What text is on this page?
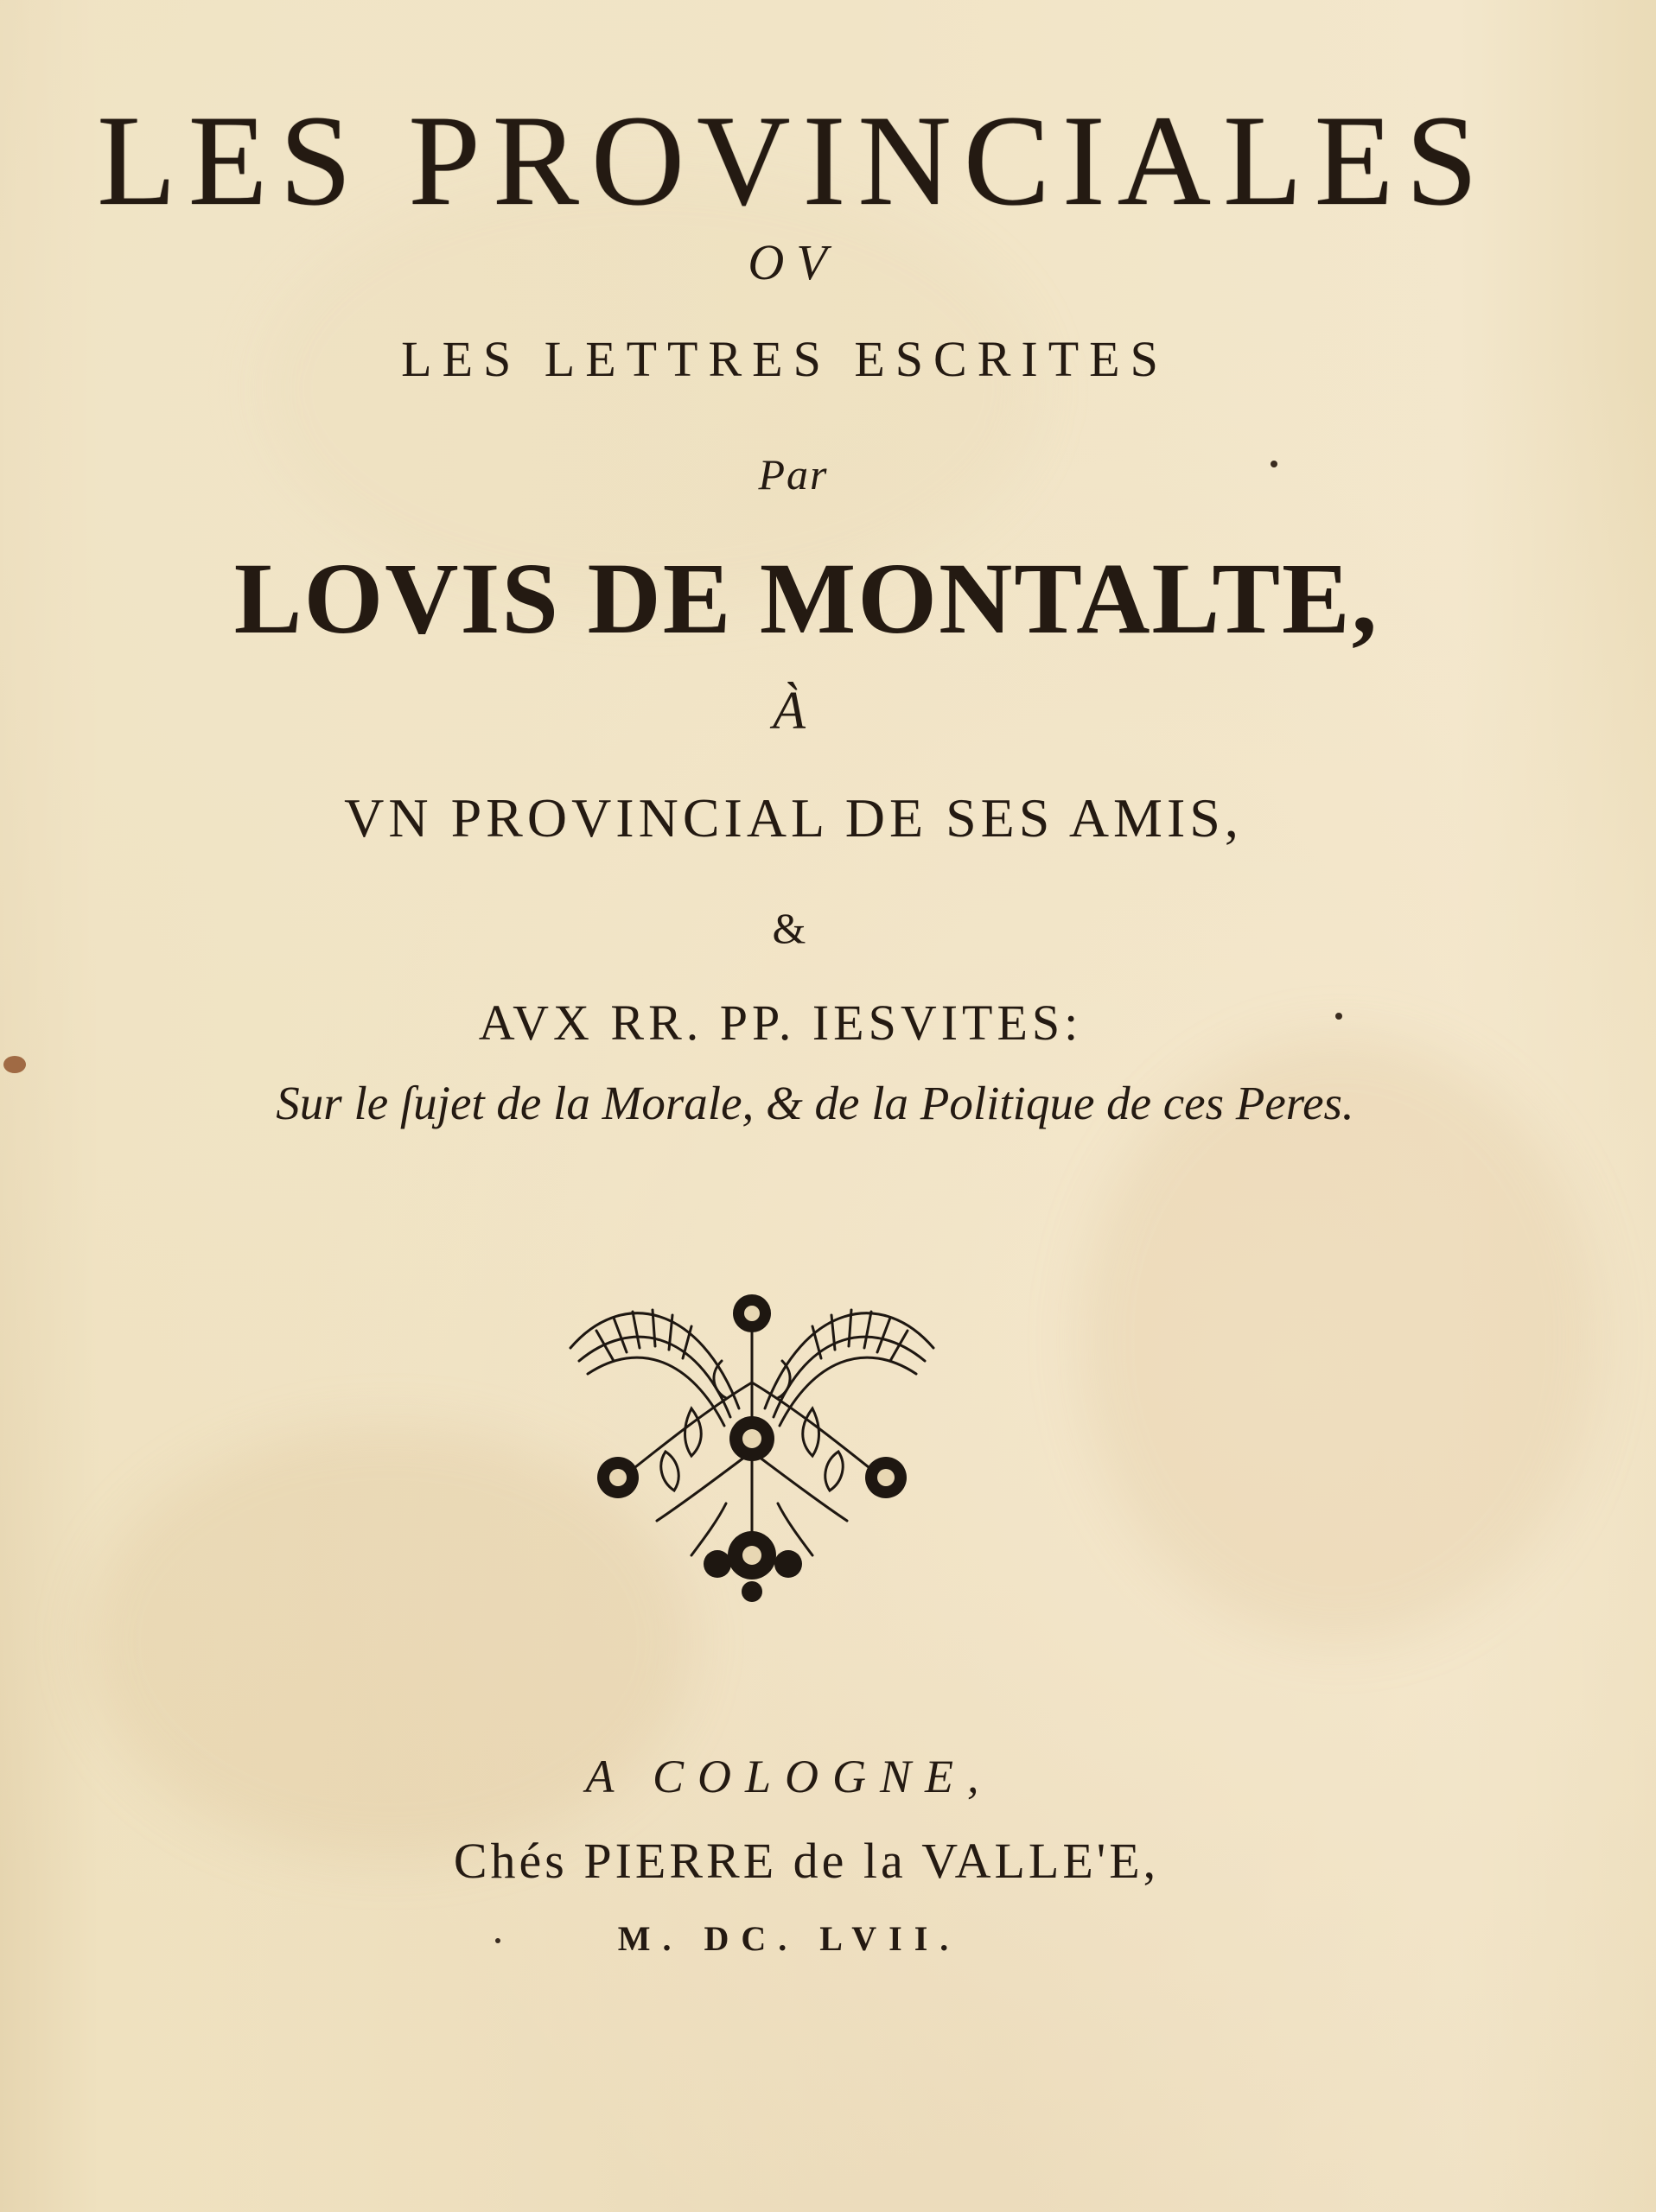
LES PROVINCIALES
OV
LES LETTRES ESCRITES
Par
LOVIS DE MONTALTE,
À
VN PROVINCIAL DE SES AMIS,
&
AVX RR. PP. IESVITES:
Sur le ſujet de la Morale, & de la Politique de ces Peres.
A COLOGNE,
Chés PIERRE de la VALLE'E,
M. DC. LVII.
